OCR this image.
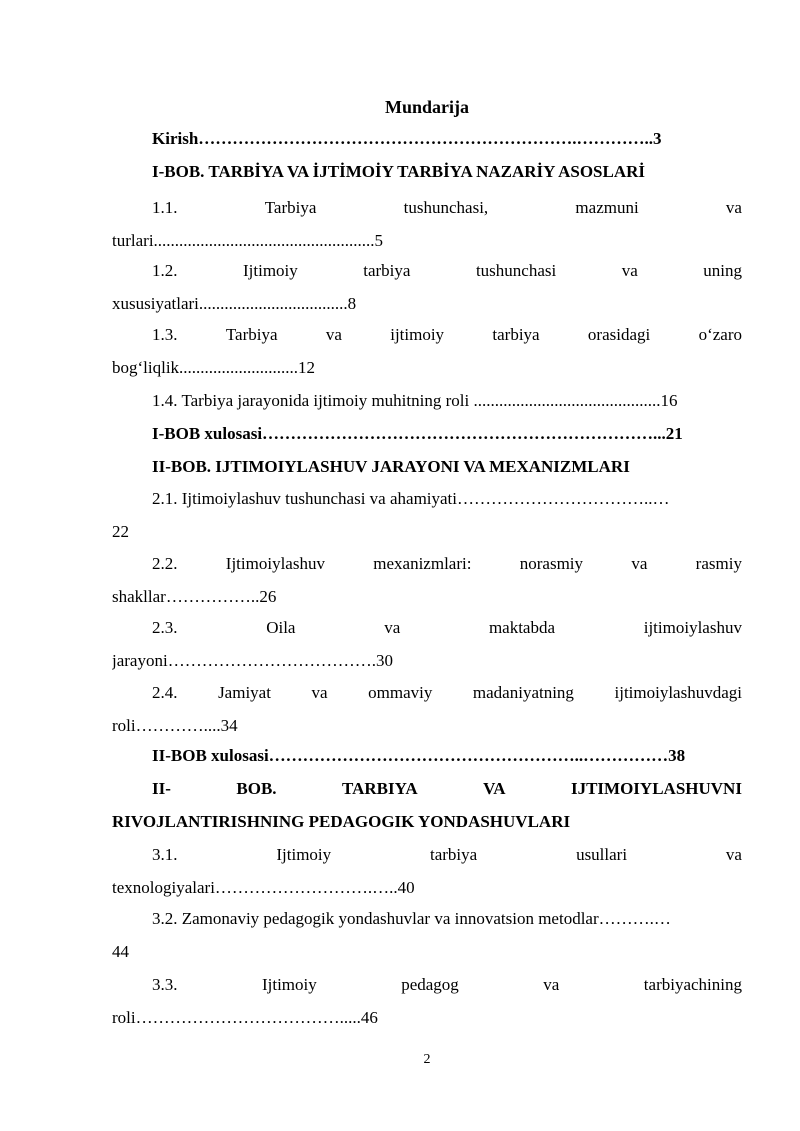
Mundarija
Kirish………………………………………………………….…………..3
I-BOB. TARBİYA VA İJTİMOİY TARBİYA NAZARİY ASOSLARİ
1.1.	Tarbiya	tushunchasi,	mazmuni	va
turlari....................................................5
1.2.	Ijtimoiy	tarbiya	tushunchasi	va	uning
xususiyatlari...................................8
1.3.	Tarbiya	va	ijtimoiy	tarbiya	orasidagi	o‘zaro
bog‘liqlik............................12
1.4. Tarbiya jarayonida ijtimoiy muhitning roli ............................................16
I-BOB xulosasi……………………………………………………………...21
II-BOB. IJTIMOIYLASHUV JARAYONI VA MEXANIZMLARI
2.1. Ijtimoiylashuv tushunchasi va ahamiyati……………………………..…
22
2.2.	Ijtimoiylashuv	mexanizmlari:	norasmiy	va	rasmiy
shakllar……………..26
2.3.	Oila	va	maktabda	ijtimoiylashuv
jarayoni……………………………….30
2.4. Jamiyat va ommaviy madaniyatning ijtimoiylashuvdagi
roli…………....34
II-BOB xulosasi………………………………………………..……………38
II-	BOB.	TARBIYA	VA	IJTIMOIYLASHUVNI
RIVOJLANTIRISHNING PEDAGOGIK YONDASHUVLARI
3.1.	Ijtimoiy	tarbiya	usullari	va
texnologiyalari……………………….…..40
3.2. Zamonaviy pedagogik yondashuvlar va innovatsion metodlar……….…
44
3.3.	Ijtimoiy	pedagog	va	tarbiyachining
roli……………………………….....46
2
